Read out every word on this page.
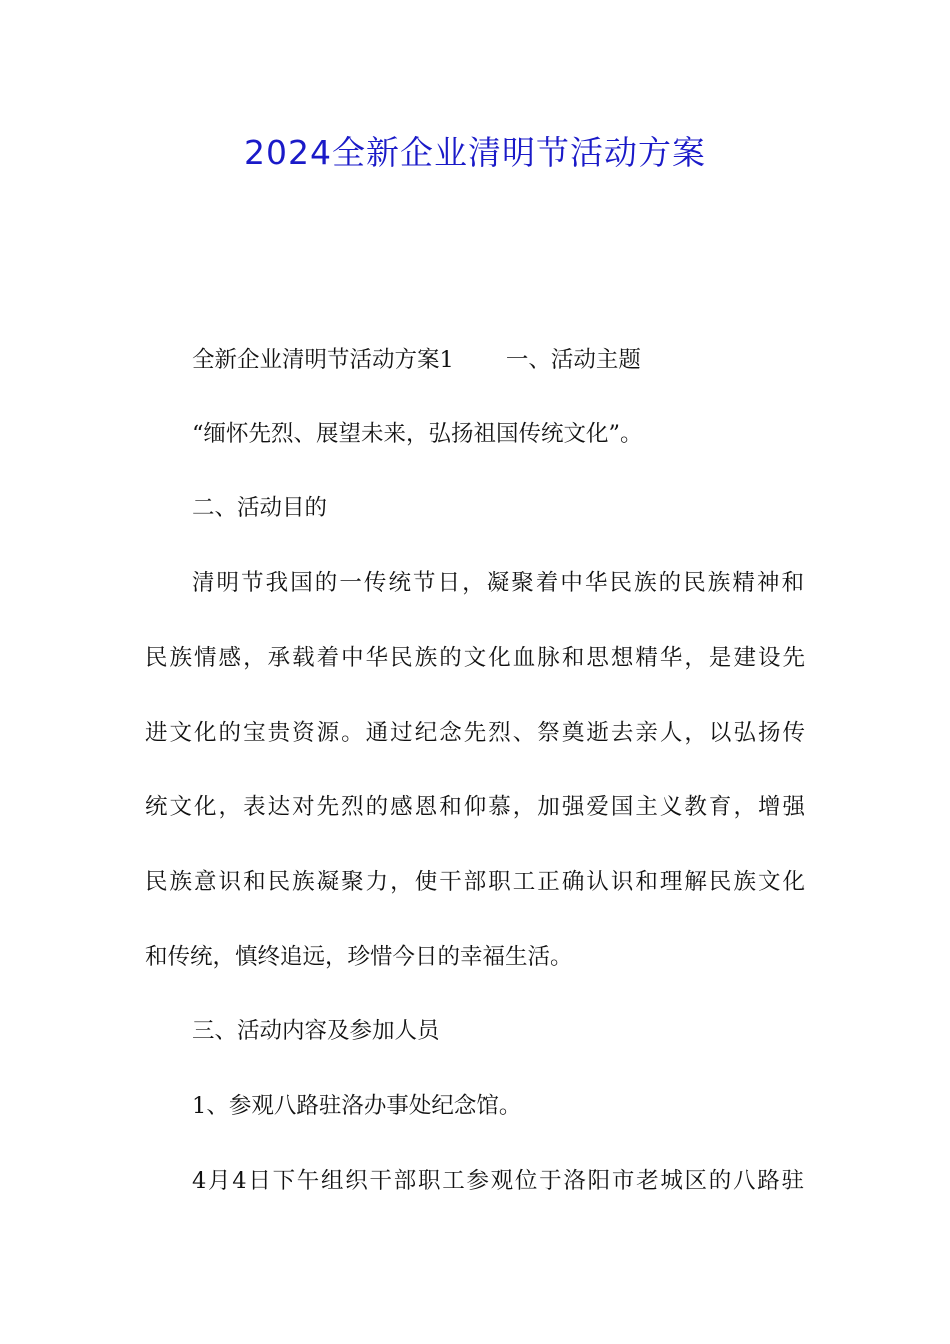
2024全新企业清明节活动方案

全新企业清明节活动方案1 一、活动主题

“缅怀先烈、展望未来，弘扬祖国传统文化”。

二、活动目的

清明节我国的一传统节日，凝聚着中华民族的民族精神和

民族情感，承载着中华民族的文化血脉和思想精华，是建设先

进文化的宝贵资源。通过纪念先烈、祭奠逝去亲人，以弘扬传

统文化，表达对先烈的感恩和仰慕，加强爱国主义教育，增强

民族意识和民族凝聚力，使干部职工正确认识和理解民族文化

和传统，慎终追远，珍惜今日的幸福生活。

三、活动内容及参加人员

1、参观八路驻洛办事处纪念馆。

4月4日下午组织干部职工参观位于洛阳市老城区的八路驻
